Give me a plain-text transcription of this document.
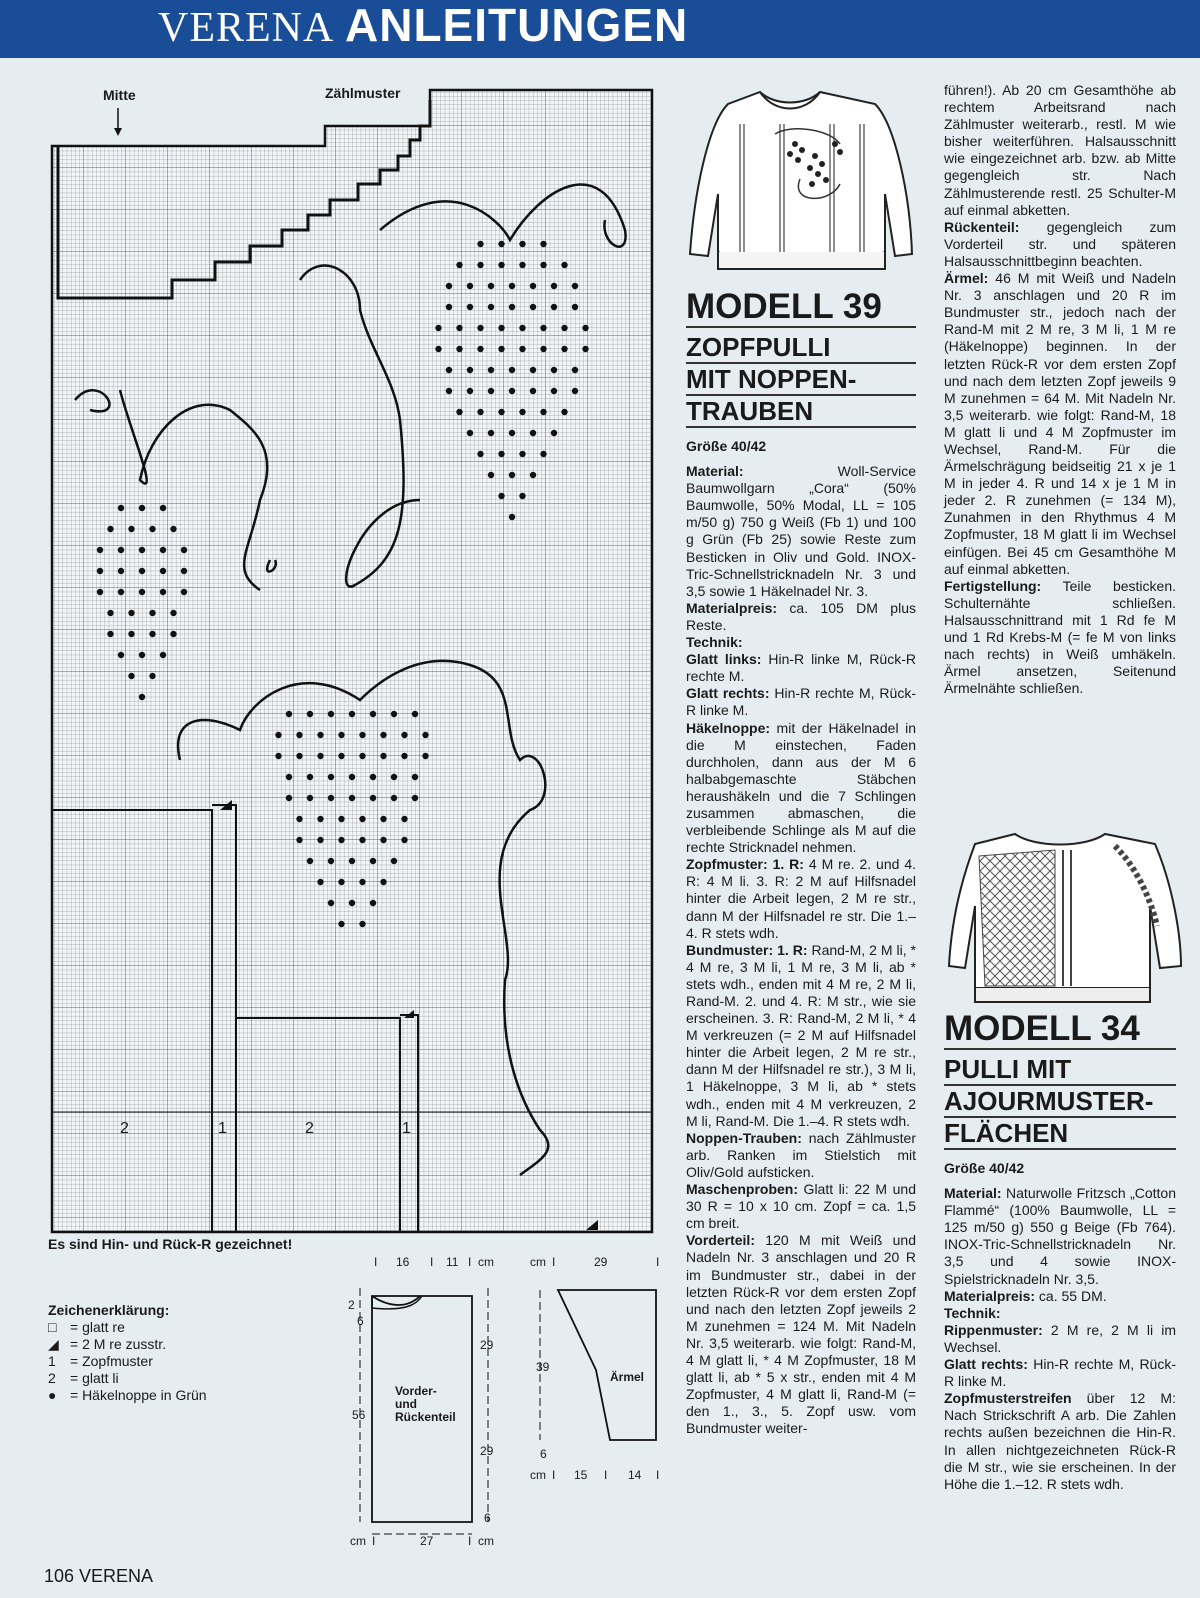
VERENA ANLEITUNGEN
Mitte	Zählmuster
2	1	2	1
Es sind Hin- und Rück-R gezeichnet!
Zeichenerklärung:
□ = glatt re
◢ = 2 M re zusstr.
1	= Zopfmuster
2	= glatt li
● = Häkelnoppe in Grün
I 16 I 11 I cm
2
6
56
29
29
6
Vorder-
und
Rückenteil
cm I	27	I cm
cm I	29	I
39
6
Ärmel
cm I 15 I 14 I
MODELL 39
ZOPFPULLI
MIT NOPPEN-
TRAUBEN
Größe 40/42

Material: Woll-Service Baumwollgarn „Cora“ (50% Baumwolle, 50% Modal, LL = 105 m/50 g) 750 g Weiß (Fb 1) und 100 g Grün (Fb 25) sowie Reste zum Besticken in Oliv und Gold. INOX-Tric-Schnellstricknadeln Nr. 3 und 3,5 sowie 1 Häkelnadel Nr. 3.

Materialpreis: ca. 105 DM plus Reste.

Technik:

Glatt links: Hin-R linke M, Rück-R rechte M.

Glatt rechts: Hin-R rechte M, Rück-R linke M.

Häkelnoppe: mit der Häkelnadel in die M einstechen, Faden durchholen, dann aus der M 6 halbabgemaschte Stäbchen heraushäkeln und die 7 Schlingen zusammen abmaschen, die verbleibende Schlinge als M auf die rechte Stricknadel nehmen.

Zopfmuster: 1. R: 4 M re. 2. und 4. R: 4 M li. 3. R: 2 M auf Hilfsnadel hinter die Arbeit legen, 2 M re str., dann M der Hilfsnadel re str. Die 1.–4. R stets wdh.

Bundmuster: 1. R: Rand-M, 2 M li, * 4 M re, 3 M li, 1 M re, 3 M li, ab * stets wdh., enden mit 4 M re, 2 M li, Rand-M. 2. und 4. R: M str., wie sie erscheinen. 3. R: Rand-M, 2 M li, * 4 M verkreuzen (= 2 M auf Hilfsnadel hinter die Arbeit legen, 2 M re str., dann M der Hilfsnadel re str.), 3 M li, 1 Häkelnoppe, 3 M li, ab * stets wdh., enden mit 4 M verkreuzen, 2 M li, Rand-M. Die 1.–4. R stets wdh.

Noppen-Trauben: nach Zählmuster arb. Ranken im Stielstich mit Oliv/Gold aufsticken.

Maschenproben: Glatt li: 22 M und 30 R = 10 x 10 cm. Zopf = ca. 1,5 cm breit.

Vorderteil: 120 M mit Weiß und Nadeln Nr. 3 anschlagen und 20 R im Bundmuster str., dabei in der letzten Rück-R vor dem ersten Zopf und nach den letzten Zopf jeweils 2 M zunehmen = 124 M. Mit Nadeln Nr. 3,5 weiterarb. wie folgt: Rand-M, 4 M glatt li, * 4 M Zopfmuster, 18 M glatt li, ab * 5 x str., enden mit 4 M Zopfmuster, 4 M glatt li, Rand-M (= den 1., 3., 5. Zopf usw. vom Bundmuster weiter-

führen!). Ab 20 cm Gesamthöhe ab rechtem Arbeitsrand nach Zählmuster weiterarb., restl. M wie bisher weiterführen. Halsausschnitt wie eingezeichnet arb. bzw. ab Mitte gegengleich str. Nach Zählmusterende restl. 25 Schulter-M auf einmal abketten.

Rückenteil: gegengleich zum Vorderteil str. und späteren Halsausschnittbeginn beachten.

Ärmel: 46 M mit Weiß und Nadeln Nr. 3 anschlagen und 20 R im Bundmuster str., jedoch nach der Rand-M mit 2 M re, 3 M li, 1 M re (Häkelnoppe) beginnen. In der letzten Rück-R vor dem ersten Zopf und nach dem letzten Zopf jeweils 9 M zunehmen = 64 M. Mit Nadeln Nr. 3,5 weiterarb. wie folgt: Rand-M, 18 M glatt li und 4 M Zopfmuster im Wechsel, Rand-M. Für die Ärmelschrägung beidseitig 21 x je 1 M in jeder 4. R und 14 x je 1 M in jeder 2. R zunehmen (= 134 M), Zunahmen in den Rhythmus 4 M Zopfmuster, 18 M glatt li im Wechsel einfügen. Bei 45 cm Gesamthöhe M auf einmal abketten.

Fertigstellung: Teile besticken. Schulternähte schließen. Halsausschnittrand mit 1 Rd fe M und 1 Rd Krebs-M (= fe M von links nach rechts) in Weiß umhäkeln. Ärmel ansetzen, Seitenund Ärmelnähte schließen.

MODELL 34
PULLI MIT
AJOURMUSTER-
FLÄCHEN
Größe 40/42

Material: Naturwolle Fritzsch „Cotton Flammé“ (100% Baumwolle, LL = 125 m/50 g) 550 g Beige (Fb 764). INOX-Tric-Schnellstricknadeln Nr. 3,5 und 4 sowie INOX-Spielstricknadeln Nr. 3,5.

Materialpreis: ca. 55 DM.

Technik:

Rippenmuster: 2 M re, 2 M li im Wechsel.

Glatt rechts: Hin-R rechte M, Rück-R linke M.

Zopfmusterstreifen über 12 M: Nach Strickschrift A arb. Die Zahlen rechts außen bezeichnen die Hin-R. In allen nichtgezeichneten Rück-R die M str., wie sie erscheinen. In der Höhe die 1.–12. R stets wdh.

106 VERENA
